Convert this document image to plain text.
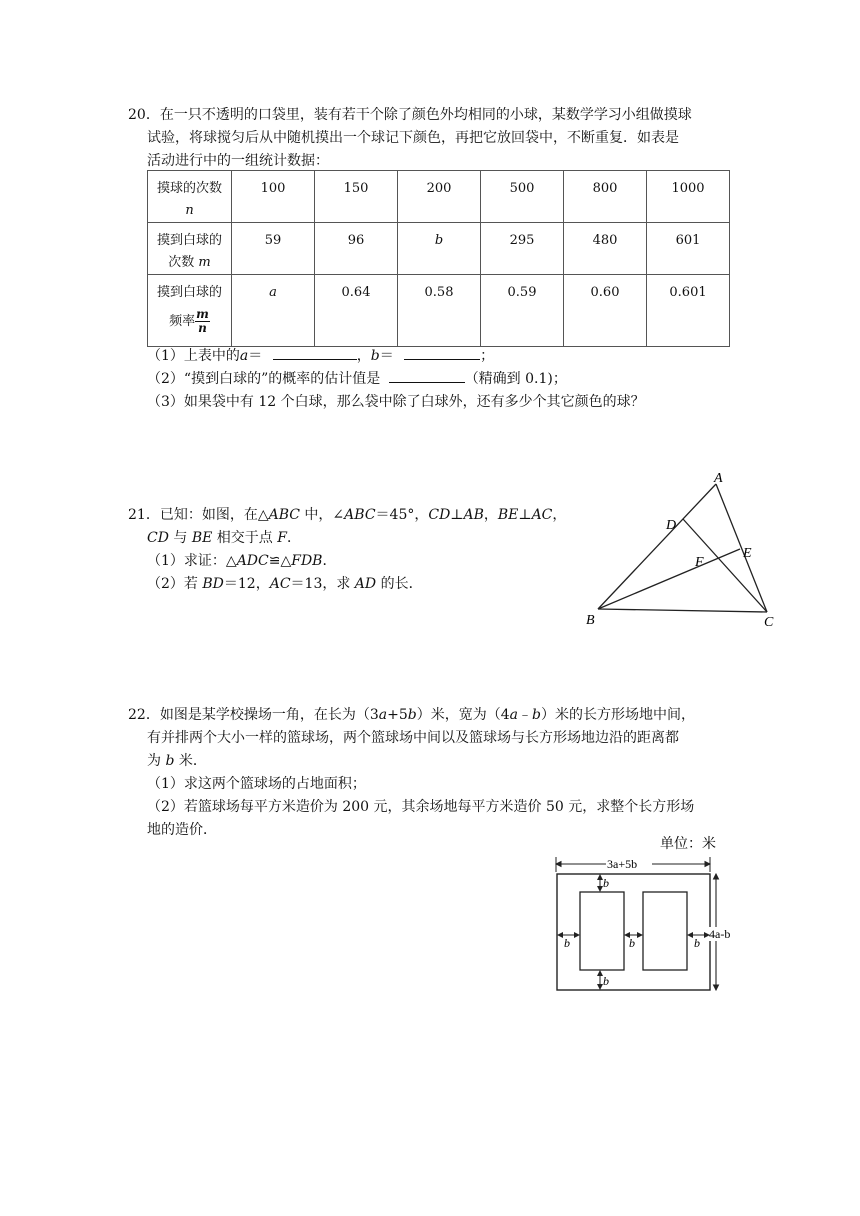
20．在一只不透明的口袋里，装有若干个除了颜色外均相同的小球，某数学学习小组做摸球
试验，将球搅匀后从中随机摸出一个球记下颜色，再把它放回袋中，不断重复．如表是
活动进行中的一组统计数据：
摸球的次数
n	100	150	200	500	800	1000

摸到白球的
次数 m	59	96	b	295	480	601

摸到白球的
频率 $\frac{m}{n}$	a	0.64	0.58	0.59	0.60	0.601
（1）上表中的a＝	，b＝	；
（2）“摸到白球的”的概率的估计值是	（精确到 0.1)；
（3）如果袋中有 12 个白球，那么袋中除了白球外，还有多少个其它颜色的球？
21．已知：如图，在△ABC 中，∠ABC＝45°，CD⊥AB，BE⊥AC，
CD 与 BE 相交于点 F．
（1）求证：△ADC≌△FDB．
（2）若 BD＝12，AC＝13，求 AD 的长．
A
B	C
D
E
F
22．如图是某学校操场一角，在长为（3a+5b）米，宽为（4a﹣b）米的长方形场地中间，
有并排两个大小一样的篮球场，两个篮球场中间以及篮球场与长方形场地边沿的距离都
为 b 米．
（1）求这两个篮球场的占地面积；
（2）若篮球场每平方米造价为 200 元，其余场地每平方米造价 50 元，求整个长方形场
地的造价．
单位：米
3a+5b
4a-b
b
b
b	b	b
